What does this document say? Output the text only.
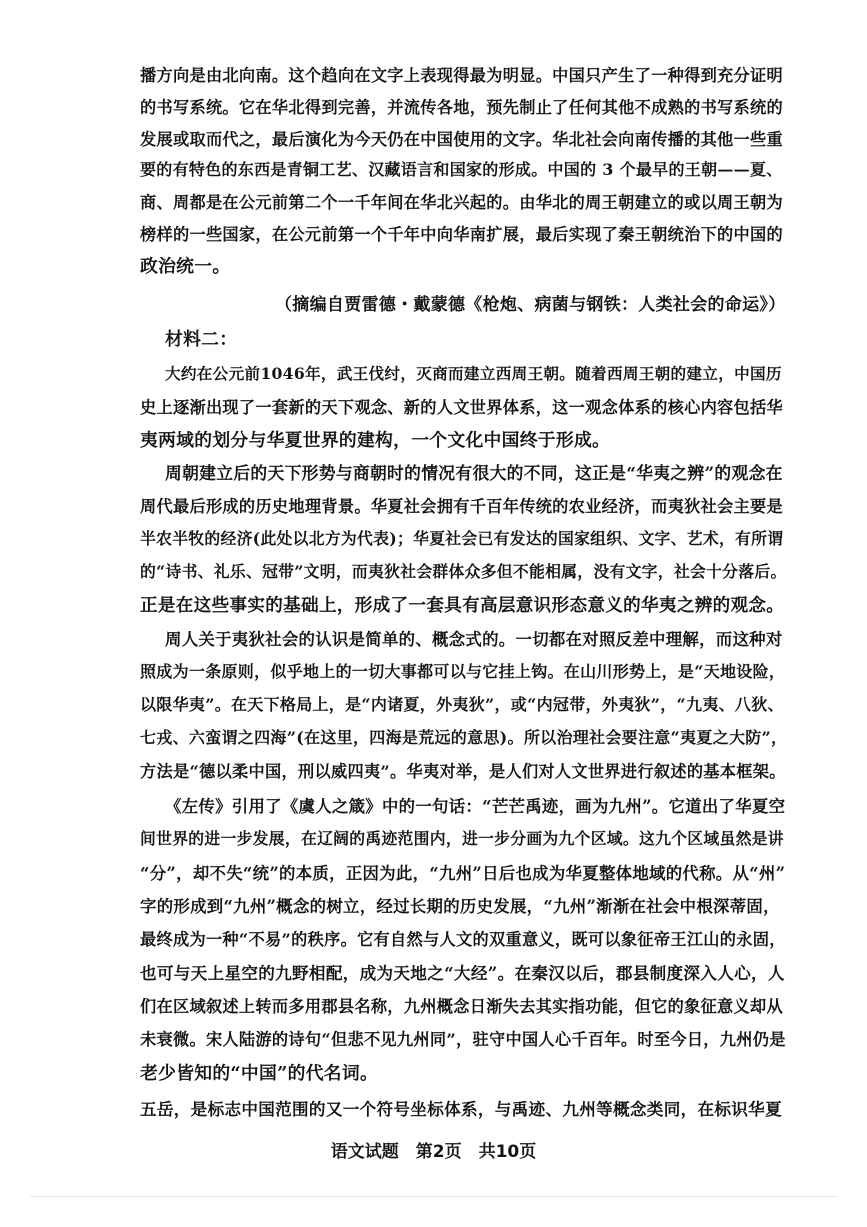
播方向是由北向南。这个趋向在文字上表现得最为明显。中国只产生了一种得到充分证明
的书写系统。它在华北得到完善，并流传各地，预先制止了任何其他不成熟的书写系统的
发展或取而代之，最后演化为今天仍在中国使用的文字。华北社会向南传播的其他一些重
要的有特色的东西是青铜工艺、汉藏语言和国家的形成。中国的 3 个最早的王朝——夏、
商、周都是在公元前第二个一千年间在华北兴起的。由华北的周王朝建立的或以周王朝为
榜样的一些国家，在公元前第一个千年中向华南扩展，最后实现了秦王朝统治下的中国的
政治统一。
（摘编自贾雷德・戴蒙德《枪炮、病菌与钢铁：人类社会的命运》）
材料二：
大约在公元前1046年，武王伐纣，灭商而建立西周王朝。随着西周王朝的建立，中国历
史上逐渐出现了一套新的天下观念、新的人文世界体系，这一观念体系的核心内容包括华
夷两域的划分与华夏世界的建构，一个文化中国终于形成。
周朝建立后的天下形势与商朝时的情况有很大的不同，这正是“华夷之辨”的观念在
周代最后形成的历史地理背景。华夏社会拥有千百年传统的农业经济，而夷狄社会主要是
半农半牧的经济(此处以北方为代表)；华夏社会已有发达的国家组织、文字、艺术，有所谓
的“诗书、礼乐、冠带”文明，而夷狄社会群体众多但不能相属，没有文字，社会十分落后。
正是在这些事实的基础上，形成了一套具有高层意识形态意义的华夷之辨的观念。
周人关于夷狄社会的认识是简单的、概念式的。一切都在对照反差中理解，而这种对
照成为一条原则，似乎地上的一切大事都可以与它挂上钩。在山川形势上，是“天地设险，
以限华夷”。在天下格局上，是“内诸夏，外夷狄”，或“内冠带，外夷狄”，“九夷、八狄、
七戎、六蛮谓之四海”(在这里，四海是荒远的意思)。所以治理社会要注意“夷夏之大防”，
方法是“德以柔中国，刑以威四夷”。华夷对举，是人们对人文世界进行叙述的基本框架。
《左传》引用了《虞人之箴》中的一句话：“芒芒禹迹，画为九州”。它道出了华夏空
间世界的进一步发展，在辽阔的禹迹范围内，进一步分画为九个区域。这九个区域虽然是讲
“分”，却不失“统”的本质，正因为此，“九州”日后也成为华夏整体地域的代称。从“州”
字的形成到“九州”概念的树立，经过长期的历史发展，“九州”渐渐在社会中根深蒂固，
最终成为一种“不易”的秩序。它有自然与人文的双重意义，既可以象征帝王江山的永固，
也可与天上星空的九野相配，成为天地之“大经”。在秦汉以后，郡县制度深入人心，人
们在区域叙述上转而多用郡县名称，九州概念日渐失去其实指功能，但它的象征意义却从
未衰微。宋人陆游的诗句“但悲不见九州同”，驻守中国人心千百年。时至今日，九州仍是
老少皆知的“中国”的代名词。
五岳，是标志中国范围的又一个符号坐标体系，与禹迹、九州等概念类同，在标识华夏
语文试题　第2页　共10页
